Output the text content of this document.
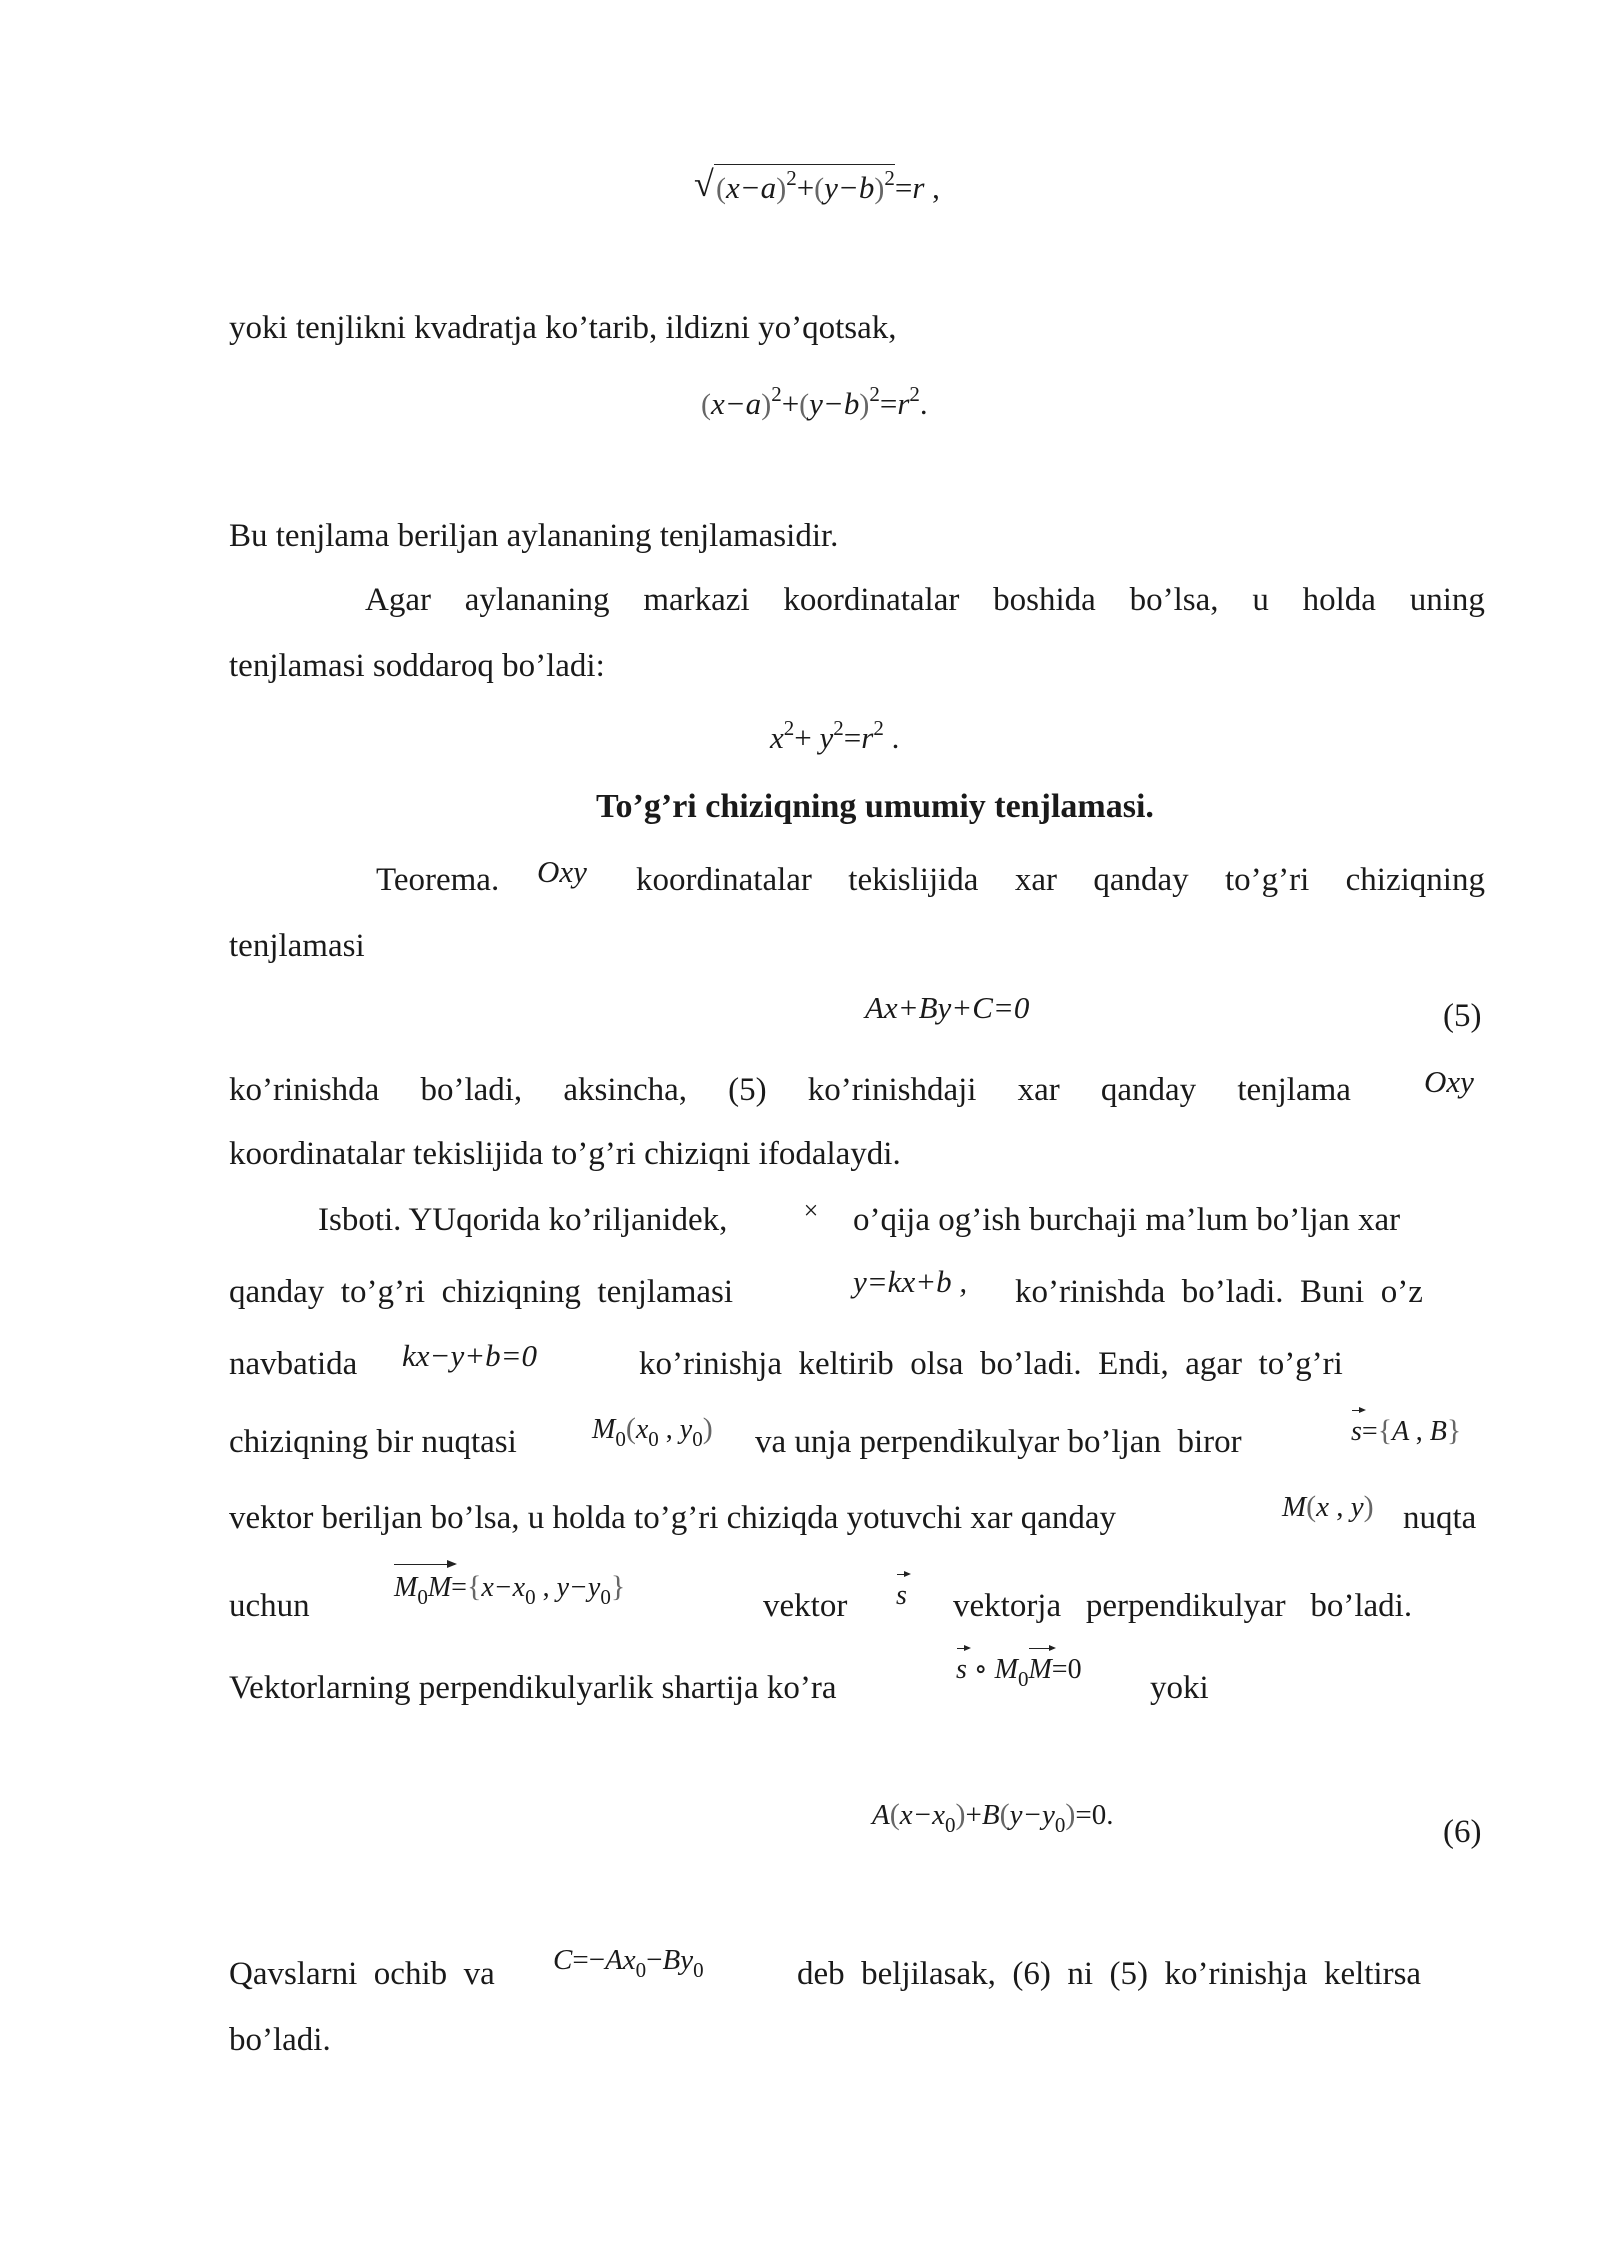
√ $(x-a)^2+(y-b)^2=r$ ,
yoki tenjlikni kvadratja ko’tarib, ildizni yo’qotsak,
$(x-a)^2+(y-b)^2=r^2$.
Bu tenjlama beriljan aylananing tenjlamasidir.
Agar aylananing markazi koordinatalar boshida bo’lsa, u holda uning
tenjlamasi soddaroq bo’ladi:
$x^2+ y^2=r^2$ .
To’g’ri chiziqning umumiy tenjlamasi.
Teorema. Oxy koordinatalar tekislijida xar qanday to’g’ri chiziqning
tenjlamasi
Ax+By+C=0	(5)
ko’rinishda bo’ladi, aksincha, (5) ko’rinishdaji xar qanday tenjlama Oxy
koordinatalar tekislijida to’g’ri chiziqni ifodalaydi.
Isboti. YUqorida ko’riljanidek,	× o’qija og’ish burchaji ma’lum bo’ljan xar
qanday  to’g’ri  chiziqning  tenjlamasi	y=kx+b , ko’rinishda  bo’ladi.  Buni  o’z
navbatida kx−y+b=0	ko’rinishja  keltirib  olsa  bo’ladi.  Endi,  agar  to’g’ri
chiziqning bir nuqtasi	$M_0(x_0$ , $y_0$) va unja perpendikulyar bo’ljan  biror	s
={A , B}
vektor beriljan bo’lsa, u holda to’g’ri chiziqda yotuvchi xar qanday	M(x , y) nuqta
uchun
$M_0M$
$=\{x-x_0$ , $y-y_0$}
vektor s vektorja   perpendikulyar   bo’ladi.
Vektorlarning perpendikulyarlik shartija ko’ra
s
∘ $M_0M$
=0
yoki
$A(x-x_0)+B(y-y_0)=0$.	(6)
Qavslarni  ochib  va $C=-Ax_0-By_0$	deb  beljilasak,  (6)  ni  (5)  ko’rinishja  keltirsa
bo’ladi.
